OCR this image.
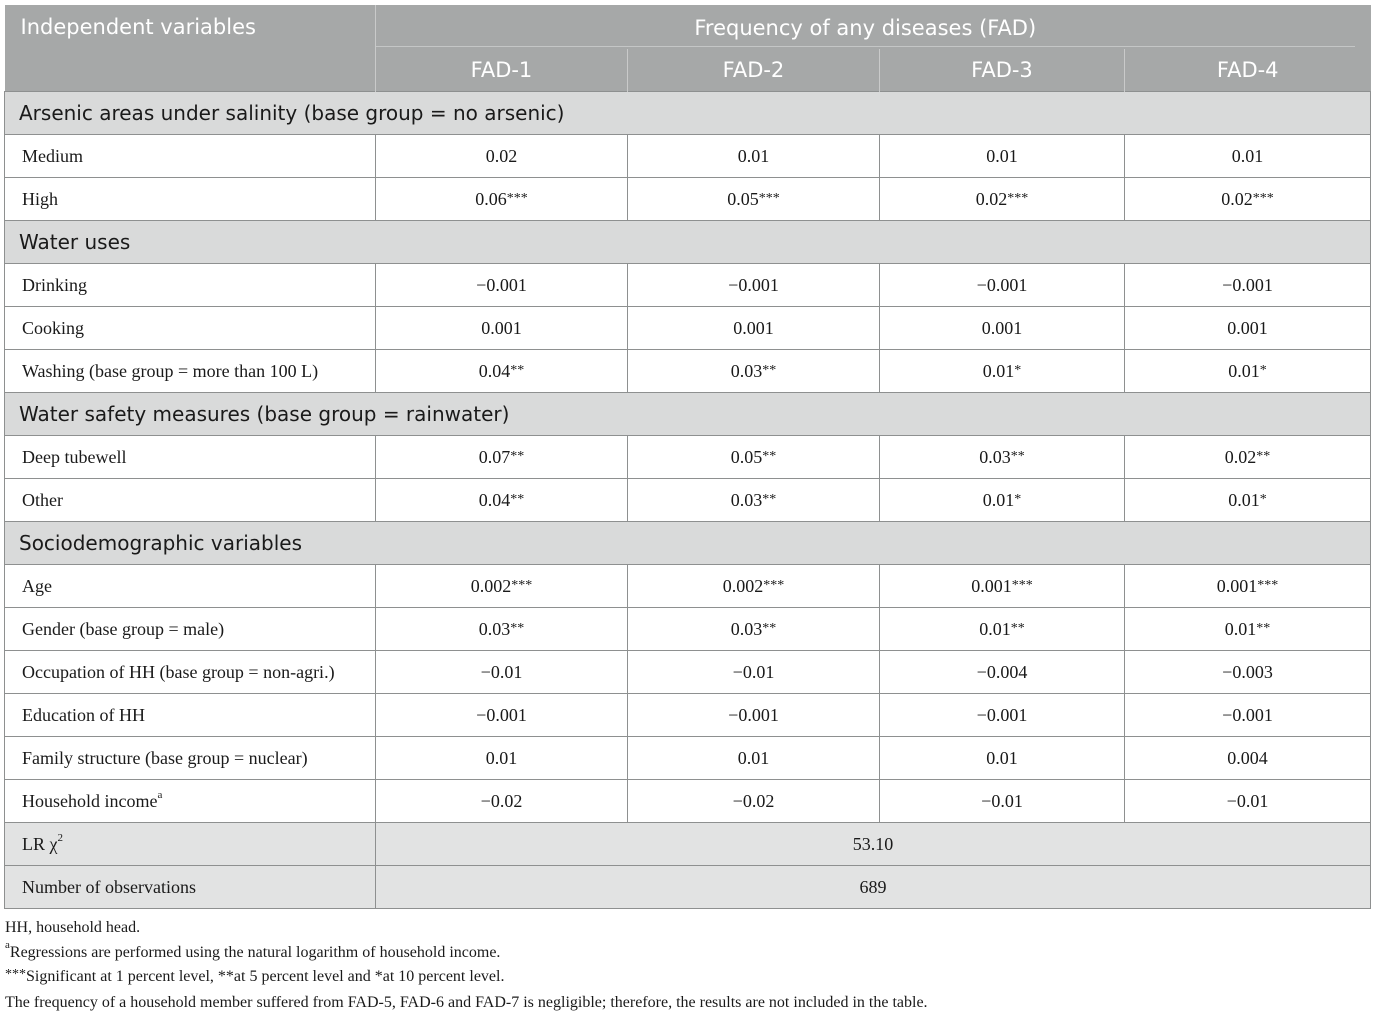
Independent variables	Frequency of any diseases (FAD)			

	FAD-1	FAD-2	FAD-3	FAD-4
Arsenic areas under salinity (base group = no arsenic)				
Medium	0.02	0.01	0.01	0.01
High	0.06***	0.05***	0.02***	0.02***
Water uses				
Drinking	−0.001	−0.001	−0.001	−0.001
Cooking	0.001	0.001	0.001	0.001
Washing (base group = more than 100 L)	0.04**	0.03**	0.01*	0.01*
Water safety measures (base group = rainwater)				
Deep tubewell	0.07**	0.05**	0.03**	0.02**
Other	0.04**	0.03**	0.01*	0.01*
Sociodemographic variables				
Age	0.002***	0.002***	0.001***	0.001***
Gender (base group = male)	0.03**	0.03**	0.01**	0.01**
Occupation of HH (base group = non-agri.)	−0.01	−0.01	−0.004	−0.003
Education of HH	−0.001	−0.001	−0.001	−0.001
Family structure (base group = nuclear)	0.01	0.01	0.01	0.004
Household income$^a$	−0.02	−0.02	−0.01	−0.01
LR $\chi^2$	53.10			
Number of observations	689			
HH, household head.
$^a$Regressions are performed using the natural logarithm of household income.
***Significant at 1 percent level, **at 5 percent level and *at 10 percent level.
The frequency of a household member suffered from FAD-5, FAD-6 and FAD-7 is negligible; therefore, the results are not included in the table.
